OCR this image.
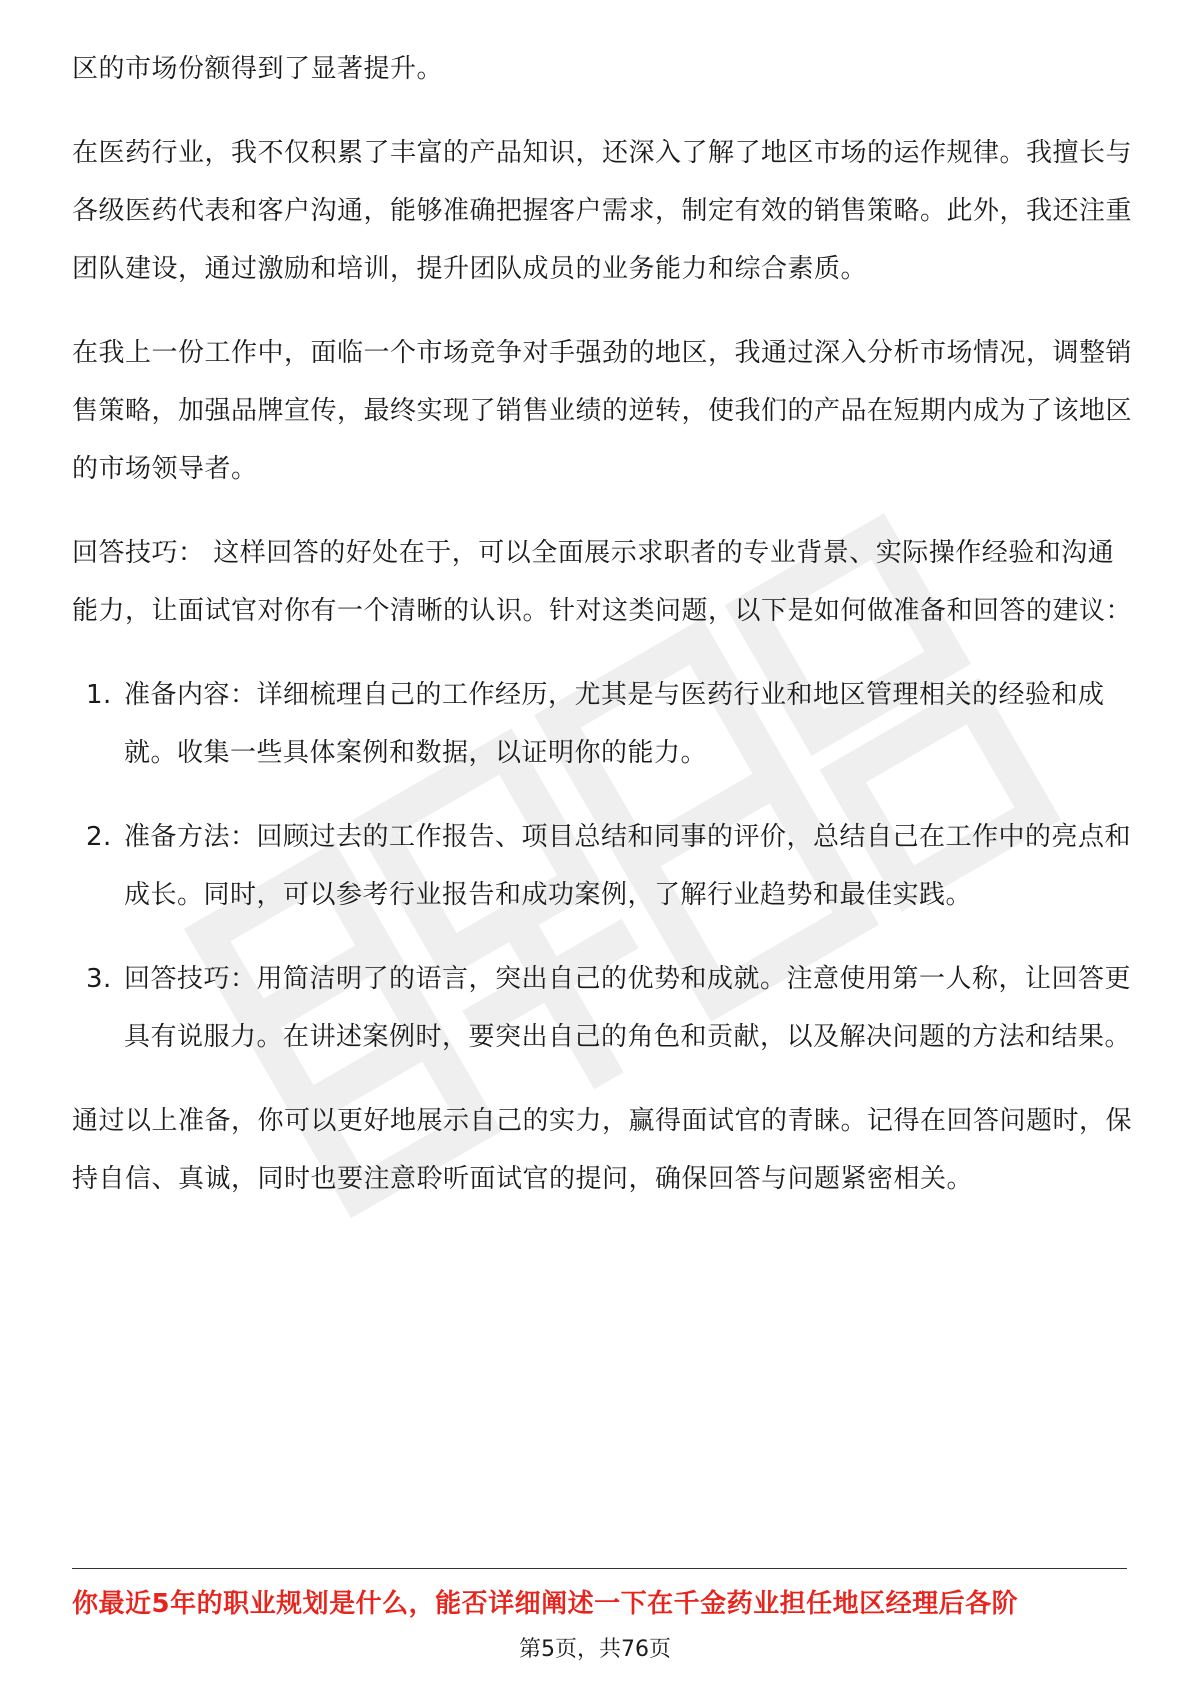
区的市场份额得到了显著提升。

在医药行业，我不仅积累了丰富的产品知识，还深入了解了地区市场的运作规律。我擅长与各级医药代表和客户沟通，能够准确把握客户需求，制定有效的销售策略。此外，我还注重团队建设，通过激励和培训，提升团队成员的业务能力和综合素质。

在我上一份工作中，面临一个市场竞争对手强劲的地区，我通过深入分析市场情况，调整销售策略，加强品牌宣传，最终实现了销售业绩的逆转，使我们的产品在短期内成为了该地区的市场领导者。

回答技巧： 这样回答的好处在于，可以全面展示求职者的专业背景、实际操作经验和沟通能力，让面试官对你有一个清晰的认识。针对这类问题，以下是如何做准备和回答的建议：

1. 准备内容：详细梳理自己的工作经历，尤其是与医药行业和地区管理相关的经验和成就。收集一些具体案例和数据，以证明你的能力。
2. 准备方法：回顾过去的工作报告、项目总结和同事的评价，总结自己在工作中的亮点和成长。同时，可以参考行业报告和成功案例，了解行业趋势和最佳实践。
3. 回答技巧：用简洁明了的语言，突出自己的优势和成就。注意使用第一人称，让回答更具有说服力。在讲述案例时，要突出自己的角色和贡献，以及解决问题的方法和结果。

通过以上准备，你可以更好地展示自己的实力，赢得面试官的青睐。记得在回答问题时，保持自信、真诚，同时也要注意聆听面试官的提问，确保回答与问题紧密相关。

你最近5年的职业规划是什么，能否详细阐述一下在千金药业担任地区经理后各阶
第5页，共76页
